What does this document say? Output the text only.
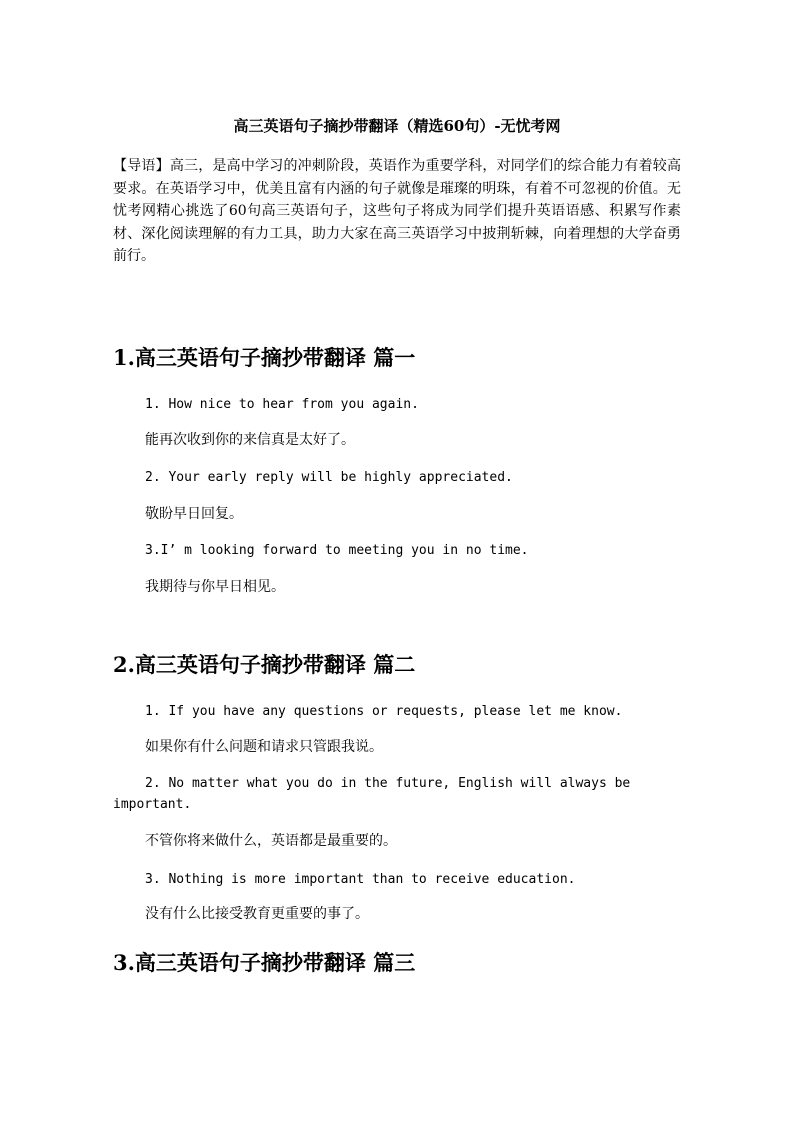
高三英语句子摘抄带翻译（精选60句）-无忧考网

【导语】高三，是高中学习的冲刺阶段，英语作为重要学科，对同学们的综合能力有着较高要求。在英语学习中，优美且富有内涵的句子就像是璀璨的明珠，有着不可忽视的价值。无忧考网精心挑选了60句高三英语句子，这些句子将成为同学们提升英语语感、积累写作素材、深化阅读理解的有力工具，助力大家在高三英语学习中披荆斩棘，向着理想的大学奋勇前行。

1.高三英语句子摘抄带翻译 篇一

1. How nice to hear from you again.

能再次收到你的来信真是太好了。

2. Your early reply will be highly appreciated.

敬盼早日回复。

3.I’ m looking forward to meeting you in no time.

我期待与你早日相见。

2.高三英语句子摘抄带翻译 篇二

1. If you have any questions or requests, please let me know.

如果你有什么问题和请求只管跟我说。

2. No matter what you do in the future, English will always be important.

不管你将来做什么，英语都是最重要的。

3. Nothing is more important than to receive education.

没有什么比接受教育更重要的事了。

3.高三英语句子摘抄带翻译 篇三
